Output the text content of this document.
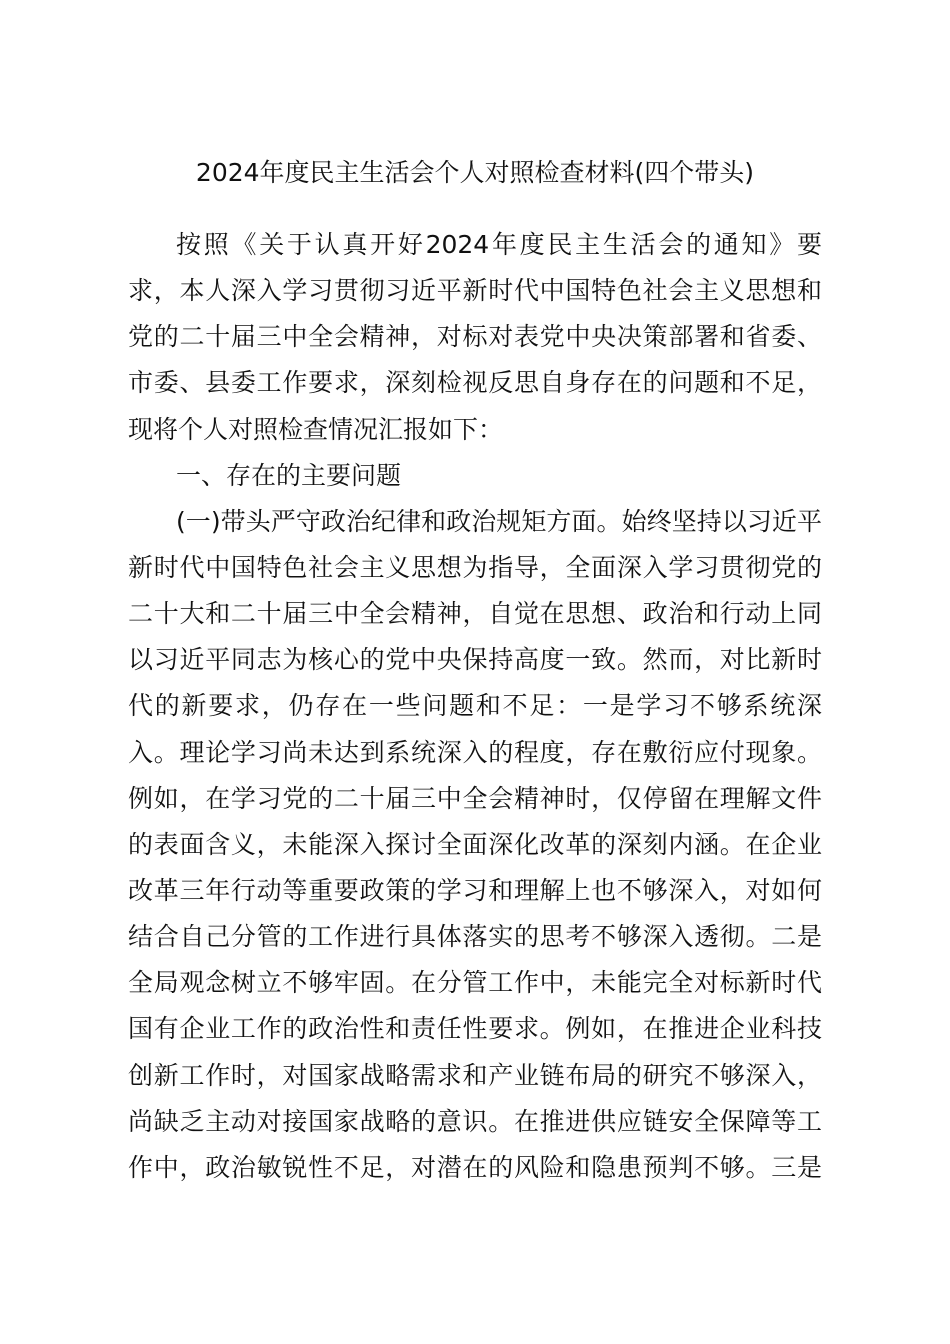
2024年度民主生活会个人对照检查材料(四个带头)
按照《关于认真开好2024年度民主生活会的通知》要
求，本人深入学习贯彻习近平新时代中国特色社会主义思想和
党的二十届三中全会精神，对标对表党中央决策部署和省委、
市委、县委工作要求，深刻检视反思自身存在的问题和不足，
现将个人对照检查情况汇报如下：
一、存在的主要问题
(一)带头严守政治纪律和政治规矩方面。始终坚持以习近平
新时代中国特色社会主义思想为指导，全面深入学习贯彻党的
二十大和二十届三中全会精神，自觉在思想、政治和行动上同
以习近平同志为核心的党中央保持高度一致。然而，对比新时
代的新要求，仍存在一些问题和不足：一是学习不够系统深
入。理论学习尚未达到系统深入的程度，存在敷衍应付现象。
例如，在学习党的二十届三中全会精神时，仅停留在理解文件
的表面含义，未能深入探讨全面深化改革的深刻内涵。在企业
改革三年行动等重要政策的学习和理解上也不够深入，对如何
结合自己分管的工作进行具体落实的思考不够深入透彻。二是
全局观念树立不够牢固。在分管工作中，未能完全对标新时代
国有企业工作的政治性和责任性要求。例如，在推进企业科技
创新工作时，对国家战略需求和产业链布局的研究不够深入，
尚缺乏主动对接国家战略的意识。在推进供应链安全保障等工
作中，政治敏锐性不足，对潜在的风险和隐患预判不够。三是
